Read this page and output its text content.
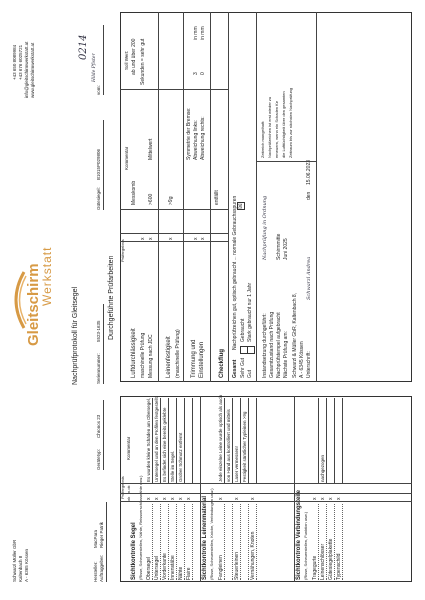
Schwarzl Müller GbR Kaltenbach 8 A - 6365 Kössen
+43 650 8089984 +43 676 6025721 info@gleitschirmwerkstatt.at www.gleitschirmwerkstatt.at
Gleitschirm
Werkstatt
Nachprüfprotokoll für Gleitsegel
Hersteller:
MacPara
Auftraggeber:
Rieger Patrik
Gerätetyp:
Chronos 23
Seriennummer:
5523-1635
Gütesiegel:
B1015P029806
vom:
Hilde Pfister
0214
Durchgeführte Prüfarbeiten
Prüfergebnis ok
n.ok
Kommentar
Sichtkontrolle Segel (Risse, Scheuerstellen, Nähte, Reissverschlussnähte usw.)	Sichtkontrolle Leinenmaterial (Risse, Scheuerstellen, Knicke, Verbindungen usw.)	Sichtkontrolle Verbindungsteile (Risse, Scheuerstellen, Funktion usw.)
Prüfergebnis
Kommentar
Soll Wert:
Luftdurchlässigkeit maschinelle Prüfung
x
Messkomb
ab und über 200
Messung nach JDC
x
>600
Mittelwert
Sekunden = sehr gut
Leinenfestigkeit (maschinelle Prüfung)
x
>9g
Trimmung und Einstellungen
Symmetrie der Bremse:
x x
Abweichung links:
3
in mm
Abweichung rechts:
0
in mm
Checkflug
entfällt
Gesamt
Nachprüfzeichen gut, optisch gebraucht ... normale Gebrauchsspuren
Sehr Gut
Gebraucht
☒
Gut
Stark gebraucht nur 1 Jahr
Instandsetzung durchgeführt: Gesamtzustand nach Prüfung Nachprüfstempel aufgebracht Nächste Prüfung am:
Nachprüfung in Ordnung Schirmmitte Juni 2025
Schwarzl & Müller GbR, Kaltenbach 8, A - 6345 Kössen Unterschrift:
Schwarzl Andrea
den
15.06.2023
Zeitreich mangelhaft: Nachprüfzeichen ist erst wieder zu erneuern, wenn ein Schaden für die Lufttüchtigkeit über den gesamten Zeitraum bis zur nächsten Nachprüfung
Obersegel
x
Es wurden kleine Schäden am Obersegel,
Untersegel
x
Untersegel und an den Profilen festgestellt.
Vorderkante
x
Es befindet sich eine bereits geklebte
Innenstäbe
x
Stelle im Segel.
Nähte
x
Grober Schmutz entfernt
Flaire
x
Fangleinen
x
Jede einzelne Leine wurde optisch als auch von Hand aus kontrolliert und mittels
Steuerleinen
x
Laser vermessen! Festigkeit sämtlicher Typleinen >9g
Vernähungen, Knoten
x
Tragegurte
x
Leinenschlösser
x
nachgezogen
Gütesiegelplakette
x
Typenschild
x
